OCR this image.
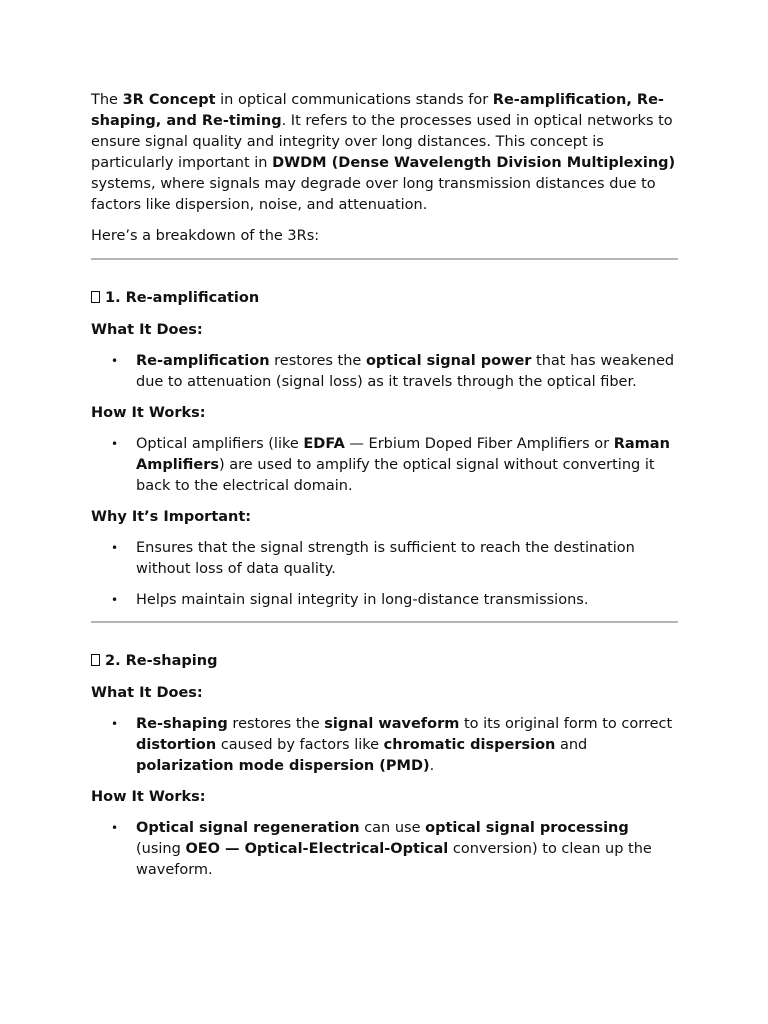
The 3R Concept in optical communications stands for Re-amplification, Re-shaping, and Re-timing. It refers to the processes used in optical networks to ensure signal quality and integrity over long distances. This concept is particularly important in DWDM (Dense Wavelength Division Multiplexing) systems, where signals may degrade over long transmission distances due to factors like dispersion, noise, and attenuation.

Here’s a breakdown of the 3Rs:

1. Re-amplification

What It Does:

• Re-amplification restores the optical signal power that has weakened due to attenuation (signal loss) as it travels through the optical fiber.

How It Works:

• Optical amplifiers (like EDFA — Erbium Doped Fiber Amplifiers or Raman Amplifiers) are used to amplify the optical signal without converting it back to the electrical domain.

Why It’s Important:

• Ensures that the signal strength is sufficient to reach the destination without loss of data quality.
• Helps maintain signal integrity in long-distance transmissions.

2. Re-shaping

What It Does:

• Re-shaping restores the signal waveform to its original form to correct distortion caused by factors like chromatic dispersion and polarization mode dispersion (PMD).

How It Works:

• Optical signal regeneration can use optical signal processing (using OEO — Optical-Electrical-Optical conversion) to clean up the waveform.
